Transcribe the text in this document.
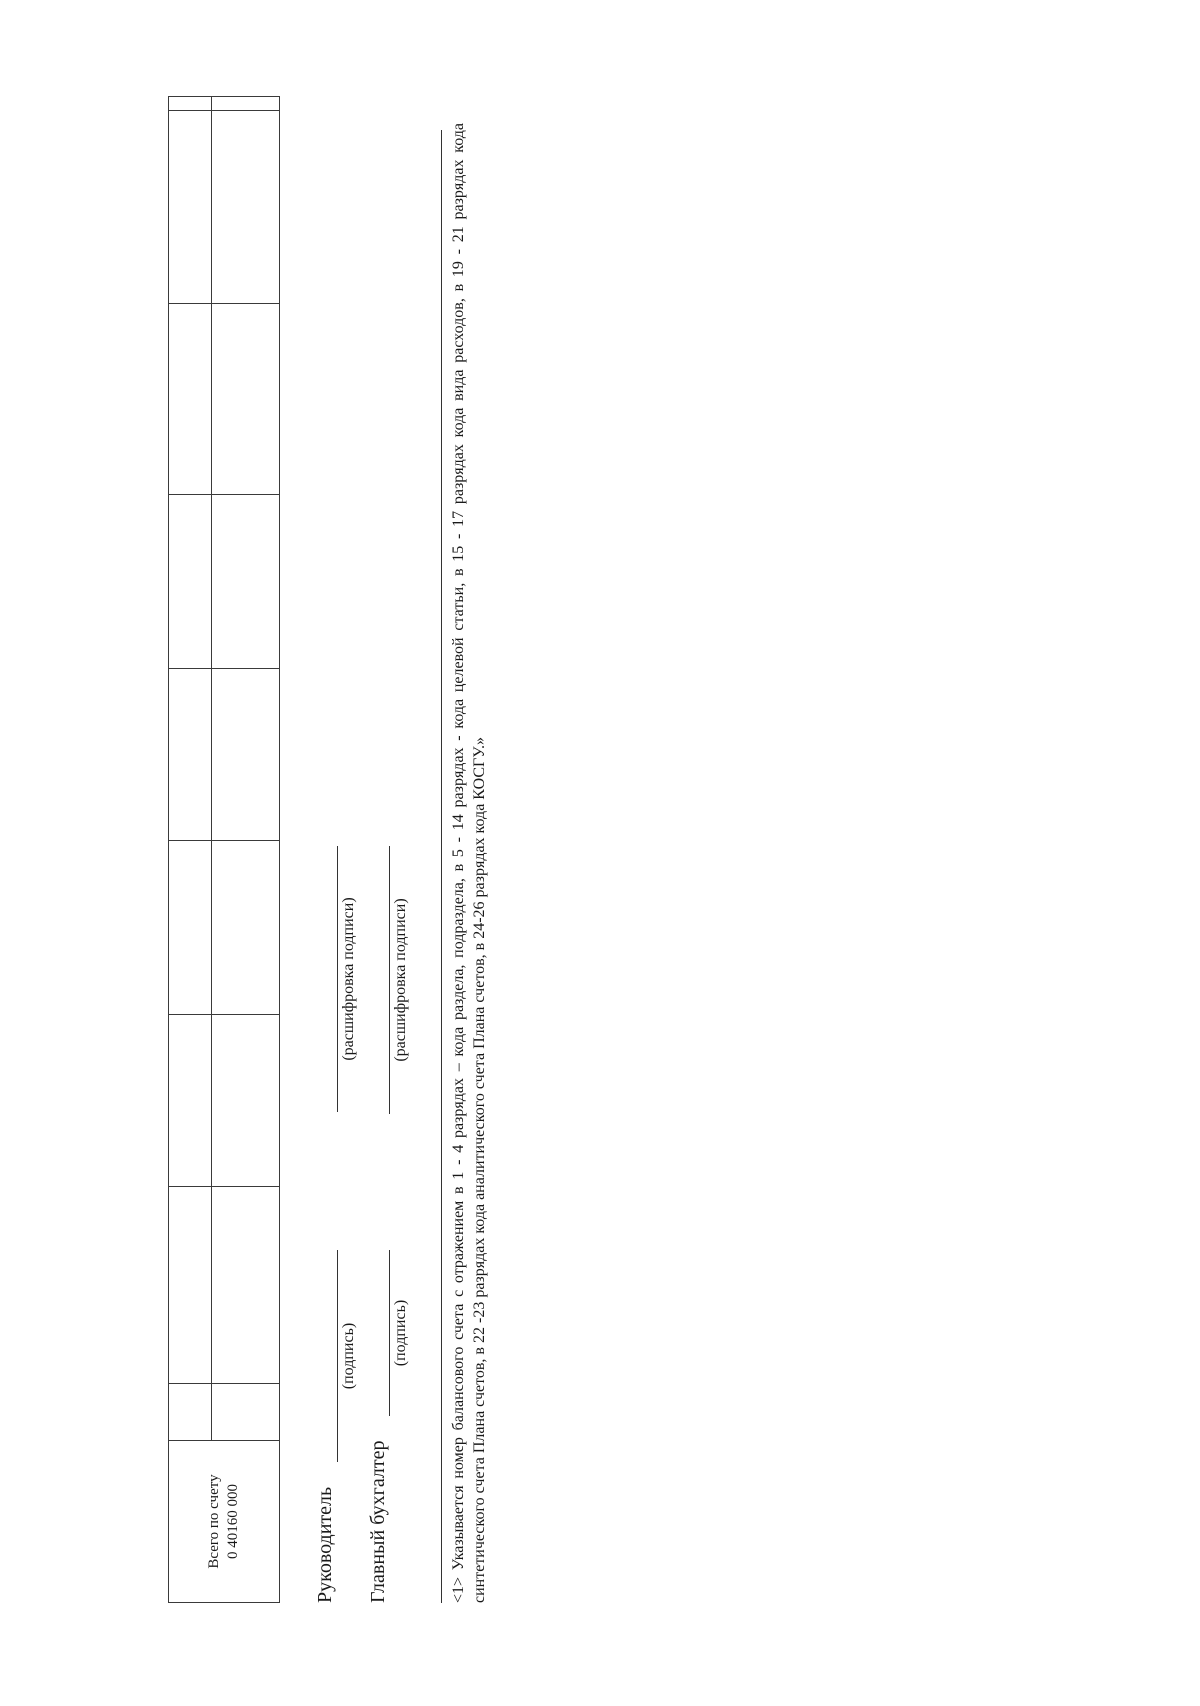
Всего по счету 0 40160 000									

									Руководитель
(подпись)
(расшифровка подписи)
Главный бухгалтер
(подпись)
(расшифровка подписи)	<1> Указывается номер балансового счета с отражением в 1 - 4 разрядах – кода раздела, подраздела, в 5 - 14 разрядах - кода целевой статьи, в 15 - 17 разрядах кода вида расходов, в 19 - 21 разрядах кода синтетического счета Плана счетов, в 22 -23 разрядах кода аналитического счета Плана счетов, в 24-26 разрядах кода КОСГУ.»
